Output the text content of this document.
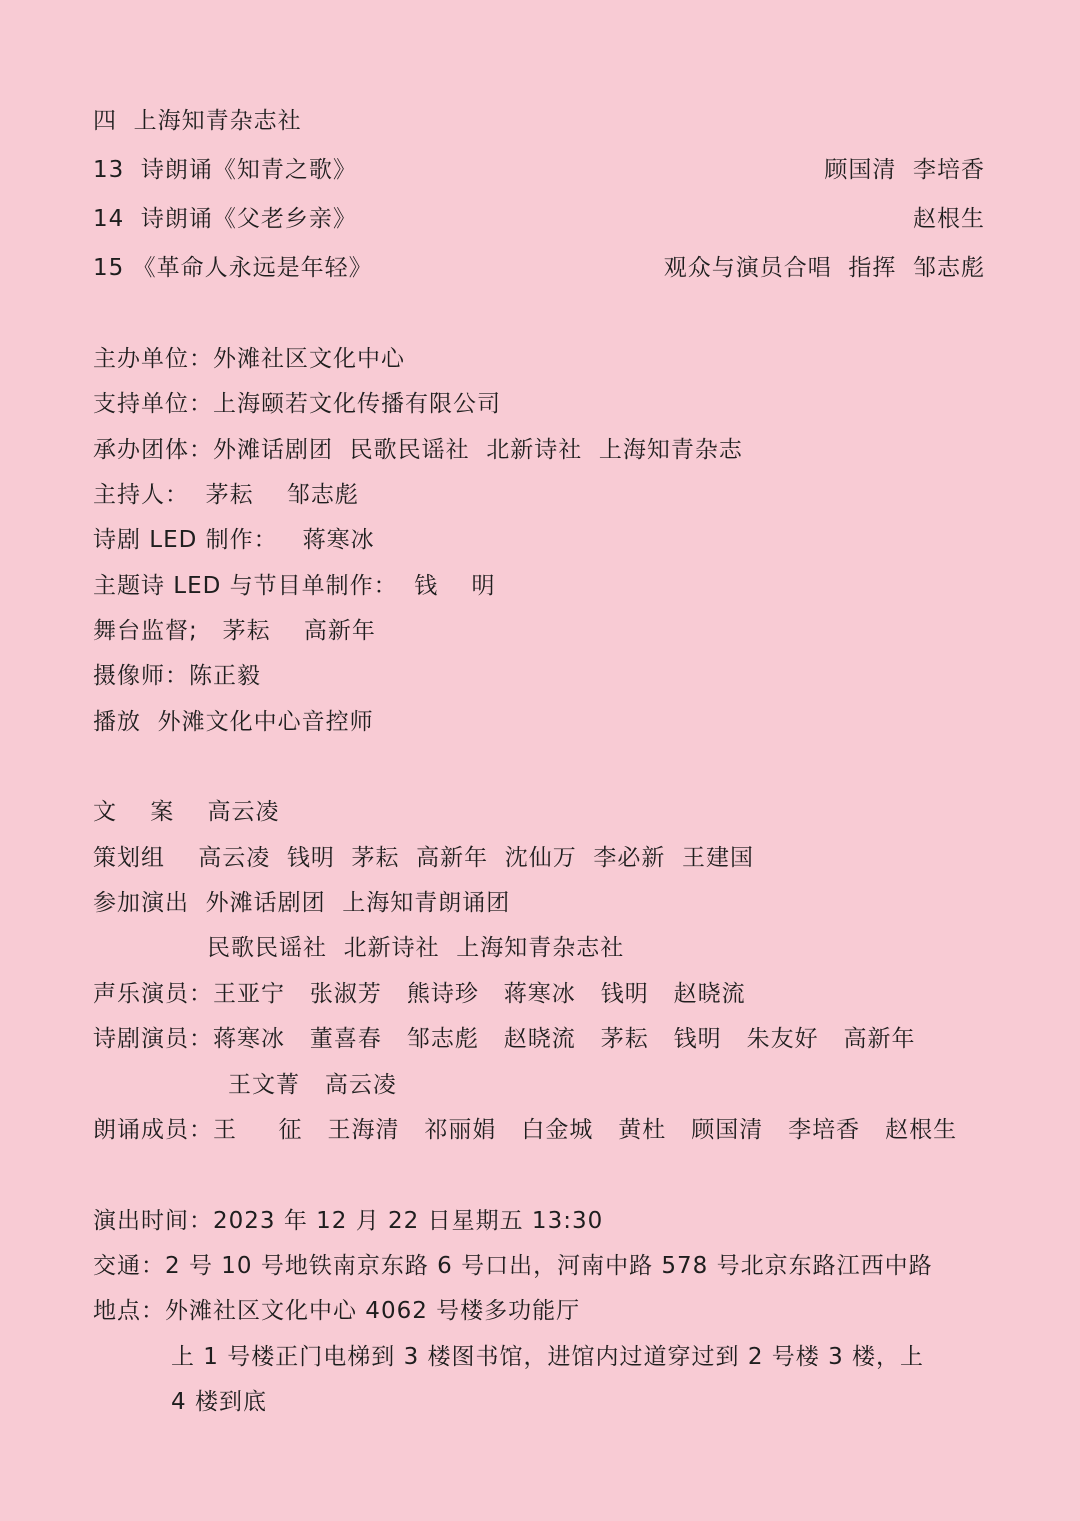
四  上海知青杂志社
13  诗朗诵《知青之歌》	顾国清  李培香
14  诗朗诵《父老乡亲》	赵根生
15 《革命人永远是年轻》	观众与演员合唱  指挥  邹志彪
主办单位：外滩社区文化中心
支持单位：上海颐若文化传播有限公司
承办团体：外滩话剧团  民歌民谣社  北新诗社  上海知青杂志
主持人：  茅耘    邹志彪
诗剧 LED 制作：   蒋寒冰
主题诗 LED 与节目单制作：  钱    明
舞台监督;   茅耘    高新年
摄像师：陈正毅
播放  外滩文化中心音控师
文    案    高云凌
策划组    高云凌  钱明  茅耘  高新年  沈仙万  李必新  王建国
参加演出  外滩话剧团  上海知青朗诵团
民歌民谣社  北新诗社  上海知青杂志社
声乐演员：王亚宁   张淑芳   熊诗珍   蒋寒冰   钱明   赵晓流
诗剧演员：蒋寒冰   董喜春   邹志彪   赵晓流   茅耘   钱明   朱友好   高新年
王文菁   高云凌
朗诵成员：王     征   王海清   祁丽娟   白金城   黄杜   顾国清   李培香   赵根生
演出时间：2023 年 12 月 22 日星期五 13:30
交通：2 号 10 号地铁南京东路 6 号口出，河南中路 578 号北京东路江西中路
地点：外滩社区文化中心 4062 号楼多功能厅
上 1 号楼正门电梯到 3 楼图书馆，进馆内过道穿过到 2 号楼 3 楼，上
4 楼到底
